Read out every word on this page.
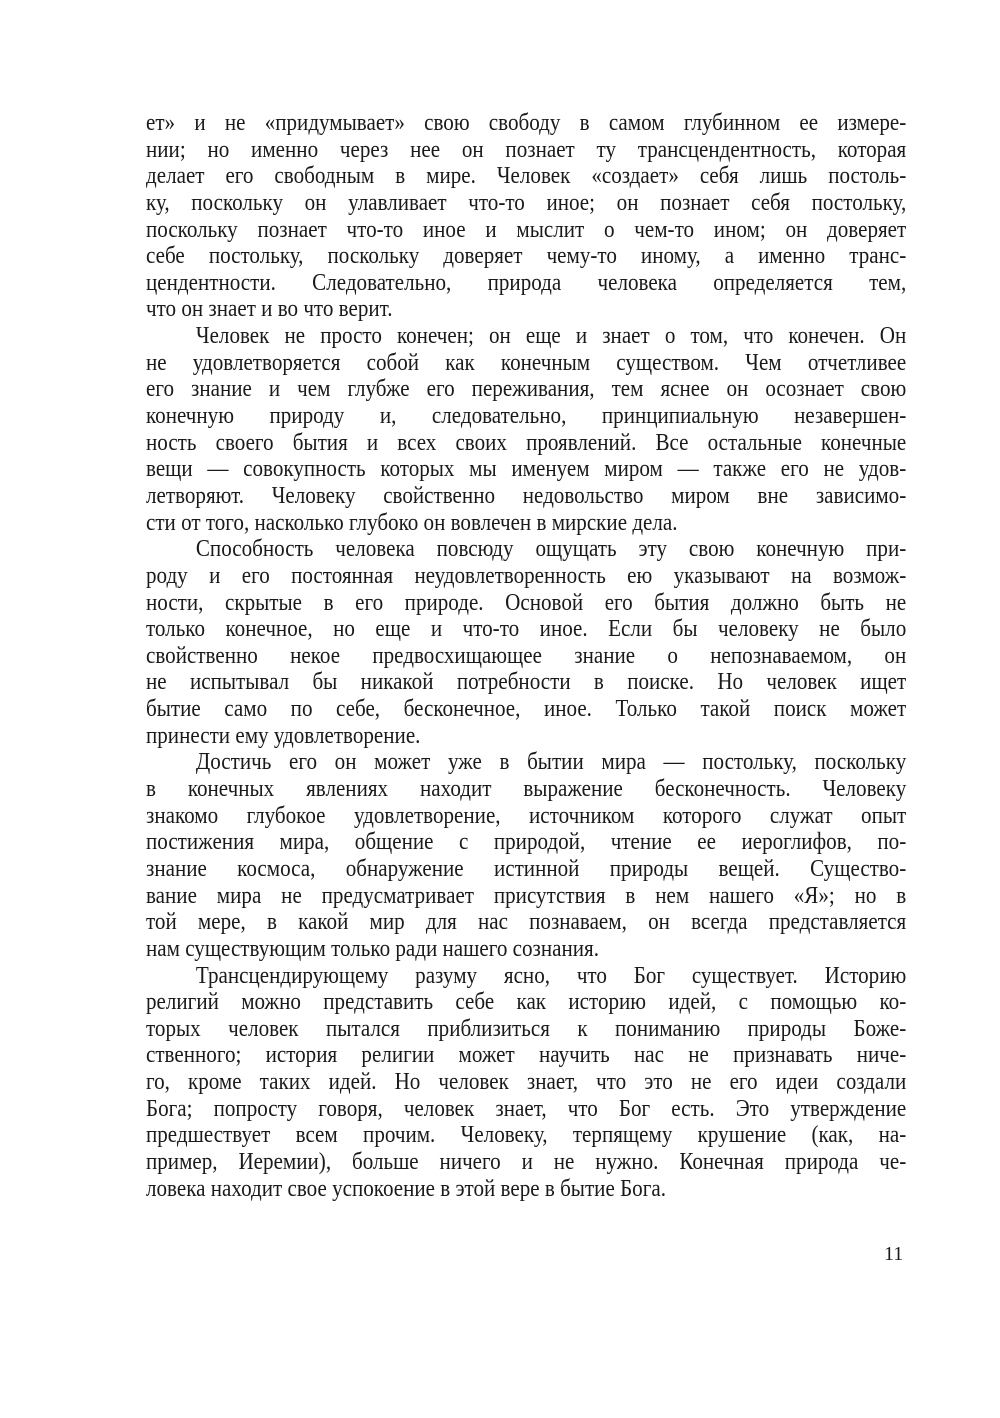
ет» и не «придумывает» свою свободу в самом глубинном ее измере-
нии; но именно через нее он познает ту трансцендентность, которая
делает его свободным в мире. Человек «создает» себя лишь постоль-
ку, поскольку он улавливает что-то иное; он познает себя постольку,
поскольку познает что-то иное и мыслит о чем-то ином; он доверяет
себе постольку, поскольку доверяет чему-то иному, а именно транс-
цендентности. Следовательно, природа человека определяется тем,
что он знает и во что верит.
Человек не просто конечен; он еще и знает о том, что конечен. Он
не удовлетворяется собой как конечным существом. Чем отчетливее
его знание и чем глубже его переживания, тем яснее он осознает свою
конечную природу и, следовательно, принципиальную незавершен-
ность своего бытия и всех своих проявлений. Все остальные конечные
вещи — совокупность которых мы именуем миром — также его не удов-
летворяют. Человеку свойственно недовольство миром вне зависимо-
сти от того, насколько глубоко он вовлечен в мирские дела.
Способность человека повсюду ощущать эту свою конечную при-
роду и его постоянная неудовлетворенность ею указывают на возмож-
ности, скрытые в его природе. Основой его бытия должно быть не
только конечное, но еще и что-то иное. Если бы человеку не было
свойственно некое предвосхищающее знание о непознаваемом, он
не испытывал бы никакой потребности в поиске. Но человек ищет
бытие само по себе, бесконечное, иное. Только такой поиск может
принести ему удовлетворение.
Достичь его он может уже в бытии мира — постольку, поскольку
в конечных явлениях находит выражение бесконечность. Человеку
знакомо глубокое удовлетворение, источником которого служат опыт
постижения мира, общение с природой, чтение ее иероглифов, по-
знание космоса, обнаружение истинной природы вещей. Существо-
вание мира не предусматривает присутствия в нем нашего «Я»; но в
той мере, в какой мир для нас познаваем, он всегда представляется
нам существующим только ради нашего сознания.
Трансцендирующему разуму ясно, что Бог существует. Историю
религий можно представить себе как историю идей, с помощью ко-
торых человек пытался приблизиться к пониманию природы Боже-
ственного; история религии может научить нас не признавать ниче-
го, кроме таких идей. Но человек знает, что это не его идеи создали
Бога; попросту говоря, человек знает, что Бог есть. Это утверждение
предшествует всем прочим. Человеку, терпящему крушение (как, на-
пример, Иеремии), больше ничего и не нужно. Конечная природа че-
ловека находит свое успокоение в этой вере в бытие Бога.
11
